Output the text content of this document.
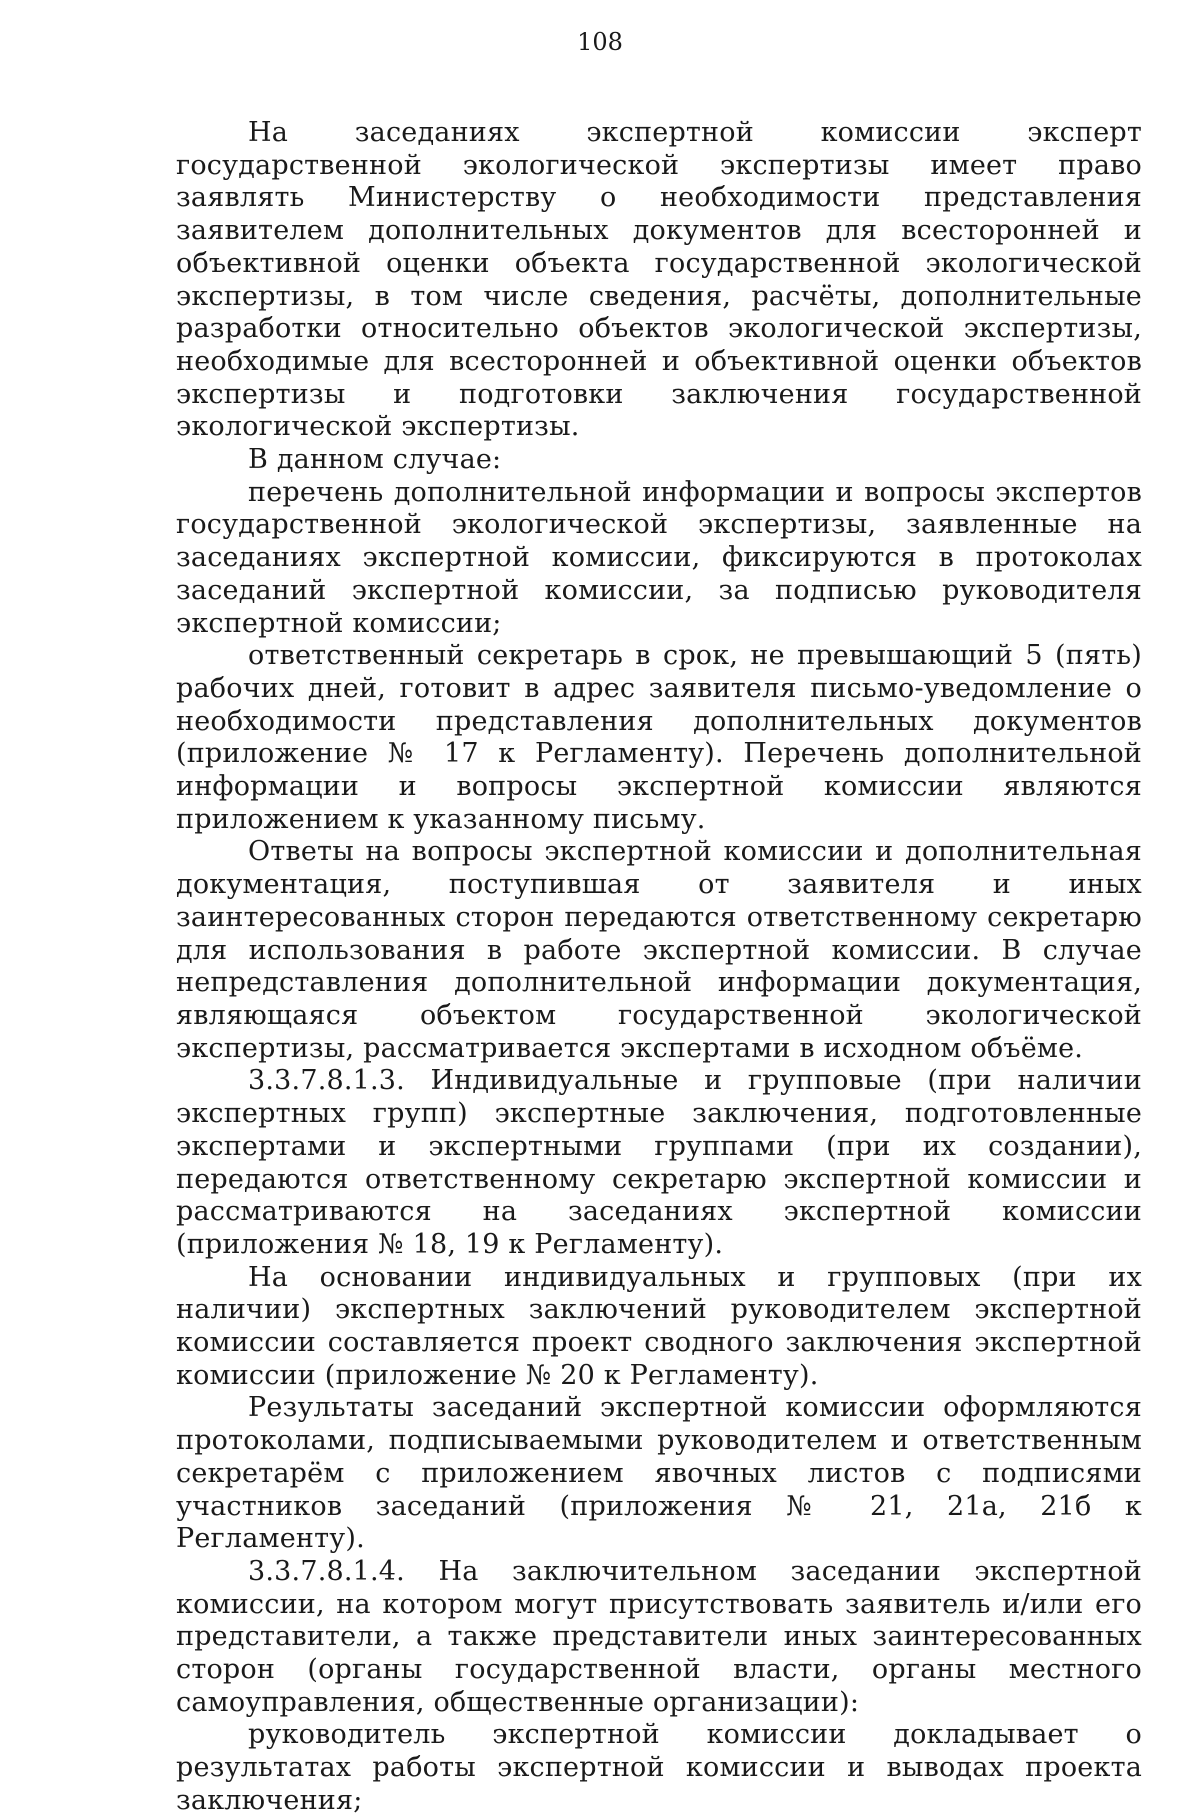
108

На заседаниях экспертной комиссии эксперт государственной экологической экспертизы имеет право заявлять Министерству о необходимости представления заявителем дополнительных документов для всесторонней и объективной оценки объекта государственной экологической экспертизы, в том числе сведения, расчёты, дополнительные разработки относительно объектов экологической экспертизы, необходимые для всесторонней и объективной оценки объектов экспертизы и подготовки заключения государственной экологической экспертизы.

В данном случае:

перечень дополнительной информации и вопросы экспертов государственной экологической экспертизы, заявленные на заседаниях экспертной комиссии, фиксируются в протоколах заседаний экспертной комиссии, за подписью руководителя экспертной комиссии;

ответственный секретарь в срок, не превышающий 5 (пять) рабочих дней, готовит в адрес заявителя письмо-уведомление о необходимости представления дополнительных документов (приложение № 17 к Регламенту). Перечень дополнительной информации и вопросы экспертной комиссии являются приложением к указанному письму.

Ответы на вопросы экспертной комиссии и дополнительная документация, поступившая от заявителя и иных заинтересованных сторон передаются ответственному секретарю для использования в работе экспертной комиссии. В случае непредставления дополнительной информации документация, являющаяся объектом государственной экологической экспертизы, рассматривается экспертами в исходном объёме.

3.3.7.8.1.3. Индивидуальные и групповые (при наличии экспертных групп) экспертные заключения, подготовленные экспертами и экспертными группами (при их создании), передаются ответственному секретарю экспертной комиссии и рассматриваются на заседаниях экспертной комиссии (приложения № 18, 19 к Регламенту).

На основании индивидуальных и групповых (при их наличии) экспертных заключений руководителем экспертной комиссии составляется проект сводного заключения экспертной комиссии (приложение № 20 к Регламенту).

Результаты заседаний экспертной комиссии оформляются протоколами, подписываемыми руководителем и ответственным секретарём с приложением явочных листов с подписями участников заседаний (приложения № 21, 21а, 21б к Регламенту).

3.3.7.8.1.4. На заключительном заседании экспертной комиссии, на котором могут присутствовать заявитель и/или его представители, а также представители иных заинтересованных сторон (органы государственной власти, органы местного самоуправления, общественные организации):

руководитель экспертной комиссии докладывает о результатах работы экспертной комиссии и выводах проекта заключения;
